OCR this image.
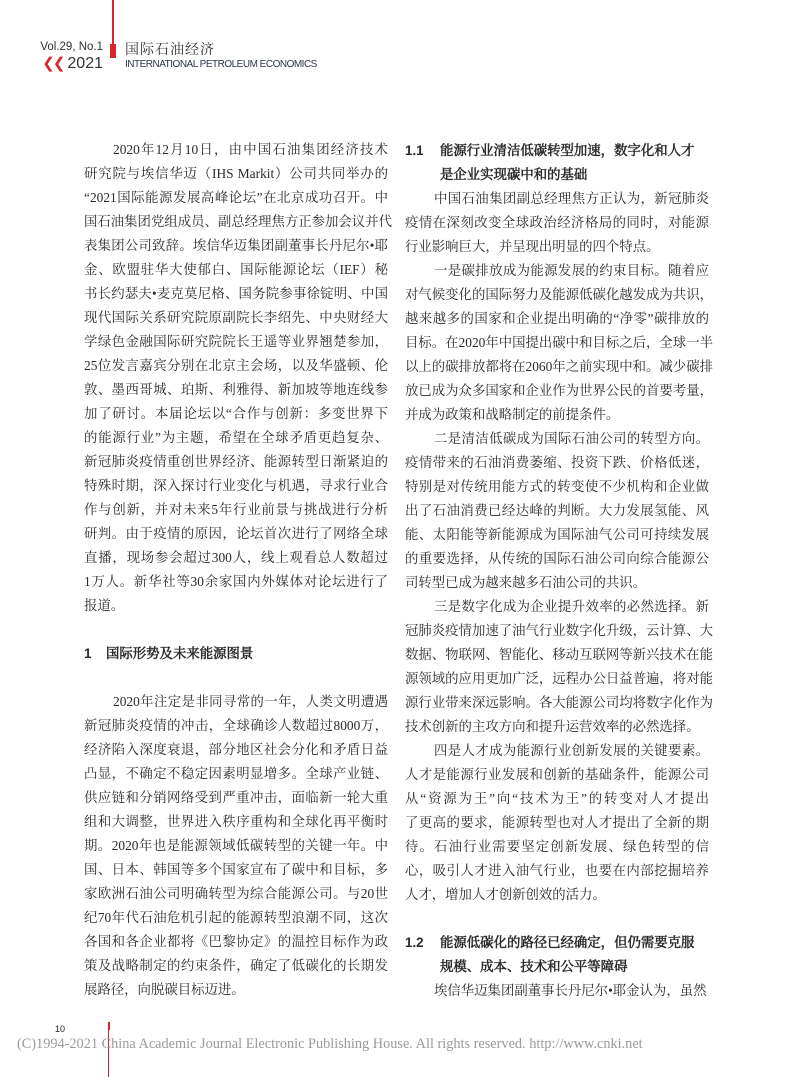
Vol.29, No.1
❮❮ 2021
国际石油经济
INTERNATIONAL PETROLEUM ECONOMICS
2020年12月10日，由中国石油集团经济技术
研究院与埃信华迈（IHS Markit）公司共同举办的
“2021国际能源发展高峰论坛”在北京成功召开。中
国石油集团党组成员、副总经理焦方正参加会议并代
表集团公司致辞。埃信华迈集团副董事长丹尼尔•耶
金、欧盟驻华大使郁白、国际能源论坛（IEF）秘
书长约瑟夫•麦克莫尼格、国务院参事徐锭明、中国
现代国际关系研究院原副院长李绍先、中央财经大
学绿色金融国际研究院院长王遥等业界翘楚参加，
25位发言嘉宾分别在北京主会场，以及华盛顿、伦
敦、墨西哥城、珀斯、利雅得、新加坡等地连线参
加了研讨。本届论坛以“合作与创新：多变世界下
的能源行业”为主题，希望在全球矛盾更趋复杂、
新冠肺炎疫情重创世界经济、能源转型日渐紧迫的
特殊时期，深入探讨行业变化与机遇，寻求行业合
作与创新，并对未来5年行业前景与挑战进行分析
研判。由于疫情的原因，论坛首次进行了网络全球
直播，现场参会超过300人，线上观看总人数超过
1万人。新华社等30余家国内外媒体对论坛进行了
报道。
1 国际形势及未来能源图景
2020年注定是非同寻常的一年，人类文明遭遇
新冠肺炎疫情的冲击，全球确诊人数超过8000万，
经济陷入深度衰退，部分地区社会分化和矛盾日益
凸显，不确定不稳定因素明显增多。全球产业链、
供应链和分销网络受到严重冲击，面临新一轮大重
组和大调整，世界进入秩序重构和全球化再平衡时
期。2020年也是能源领域低碳转型的关键一年。中
国、日本、韩国等多个国家宣布了碳中和目标，多
家欧洲石油公司明确转型为综合能源公司。与20世
纪70年代石油危机引起的能源转型浪潮不同，这次
各国和各企业都将《巴黎协定》的温控目标作为政
策及战略制定的约束条件，确定了低碳化的长期发
展路径，向脱碳目标迈进。
1.1 能源行业清洁低碳转型加速，数字化和人才
是企业实现碳中和的基础
中国石油集团副总经理焦方正认为，新冠肺炎
疫情在深刻改变全球政治经济格局的同时，对能源
行业影响巨大，并呈现出明显的四个特点。
一是碳排放成为能源发展的约束目标。随着应
对气候变化的国际努力及能源低碳化越发成为共识，
越来越多的国家和企业提出明确的“净零”碳排放的
目标。在2020年中国提出碳中和目标之后，全球一半
以上的碳排放都将在2060年之前实现中和。减少碳排
放已成为众多国家和企业作为世界公民的首要考量，
并成为政策和战略制定的前提条件。
二是清洁低碳成为国际石油公司的转型方向。
疫情带来的石油消费萎缩、投资下跌、价格低迷，
特别是对传统用能方式的转变使不少机构和企业做
出了石油消费已经达峰的判断。大力发展氢能、风
能、太阳能等新能源成为国际油气公司可持续发展
的重要选择，从传统的国际石油公司向综合能源公
司转型已成为越来越多石油公司的共识。
三是数字化成为企业提升效率的必然选择。新
冠肺炎疫情加速了油气行业数字化升级，云计算、大
数据、物联网、智能化、移动互联网等新兴技术在能
源领域的应用更加广泛，远程办公日益普遍，将对能
源行业带来深远影响。各大能源公司均将数字化作为
技术创新的主攻方向和提升运营效率的必然选择。
四是人才成为能源行业创新发展的关键要素。
人才是能源行业发展和创新的基础条件，能源公司
从“资源为王”向“技术为王”的转变对人才提出
了更高的要求，能源转型也对人才提出了全新的期
待。石油行业需要坚定创新发展、绿色转型的信
心，吸引人才进入油气行业，也要在内部挖掘培养
人才，增加人才创新创效的活力。
1.2 能源低碳化的路径已经确定，但仍需要克服
规模、成本、技术和公平等障碍
埃信华迈集团副董事长丹尼尔•耶金认为，虽然
10
(C)1994-2021 China Academic Journal Electronic Publishing House. All rights reserved. http://www.cnki.net
